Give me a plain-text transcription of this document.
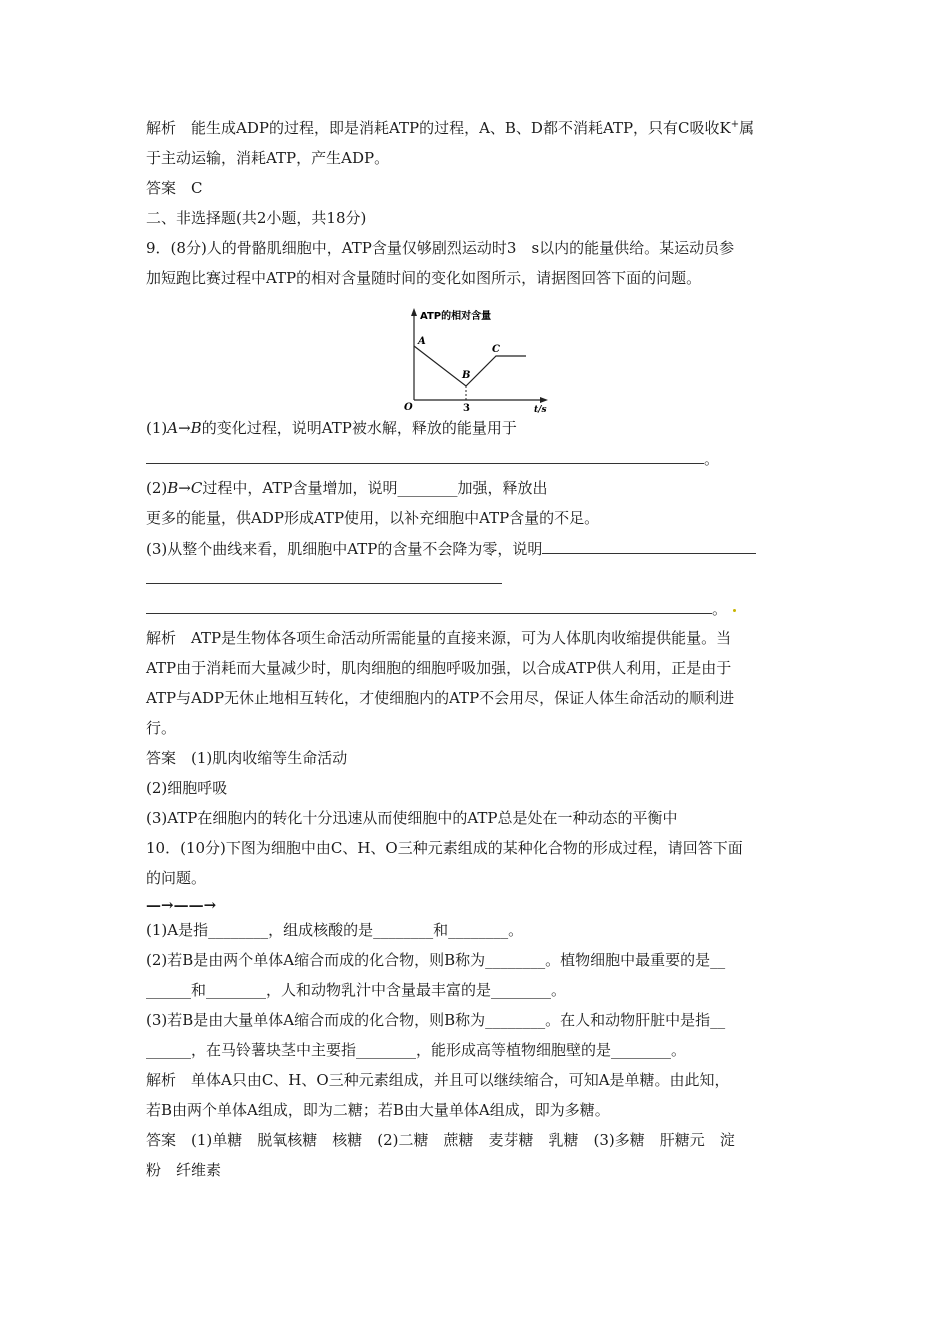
解析　能生成ADP的过程，即是消耗ATP的过程，A、B、D都不消耗ATP，只有C吸收K+属
于主动运输，消耗ATP，产生ADP。
答案　C
二、非选择题(共2小题，共18分)
9．(8分)人的骨骼肌细胞中，ATP含量仅够剧烈运动时3　s以内的能量供给。某运动员参
加短跑比赛过程中ATP的相对含量随时间的变化如图所示，请据图回答下面的问题。
ATP的相对含量
A
B
C
O	3	t/s
(1)A→B的变化过程，说明ATP被水解，释放的能量用于
。
(2)B→C过程中，ATP含量增加，说明________加强，释放出
更多的能量，供ADP形成ATP使用，以补充细胞中ATP含量的不足。
(3)从整个曲线来看，肌细胞中ATP的含量不会降为零，说明
。
解析　ATP是生物体各项生命活动所需能量的直接来源，可为人体肌肉收缩提供能量。当
ATP由于消耗而大量减少时，肌肉细胞的细胞呼吸加强，以合成ATP供人利用，正是由于
ATP与ADP无休止地相互转化，才使细胞内的ATP不会用尽，保证人体生命活动的顺利进
行。
答案　(1)肌肉收缩等生命活动
(2)细胞呼吸
(3)ATP在细胞内的转化十分迅速从而使细胞中的ATP总是处在一种动态的平衡中
10．(10分)下图为细胞中由C、H、O三种元素组成的某种化合物的形成过程，请回答下面
的问题。
—→——→
(1)A是指________，组成核酸的是________和________。
(2)若B是由两个单体A缩合而成的化合物，则B称为________。植物细胞中最重要的是__
______和________，人和动物乳汁中含量最丰富的是________。
(3)若B是由大量单体A缩合而成的化合物，则B称为________。在人和动物肝脏中是指__
______，在马铃薯块茎中主要指________，能形成高等植物细胞壁的是________。
解析　单体A只由C、H、O三种元素组成，并且可以继续缩合，可知A是单糖。由此知，
若B由两个单体A组成，即为二糖；若B由大量单体A组成，即为多糖。
答案　(1)单糖　脱氧核糖　核糖　(2)二糖　蔗糖　麦芽糖　乳糖　(3)多糖　肝糖元　淀
粉　纤维素
